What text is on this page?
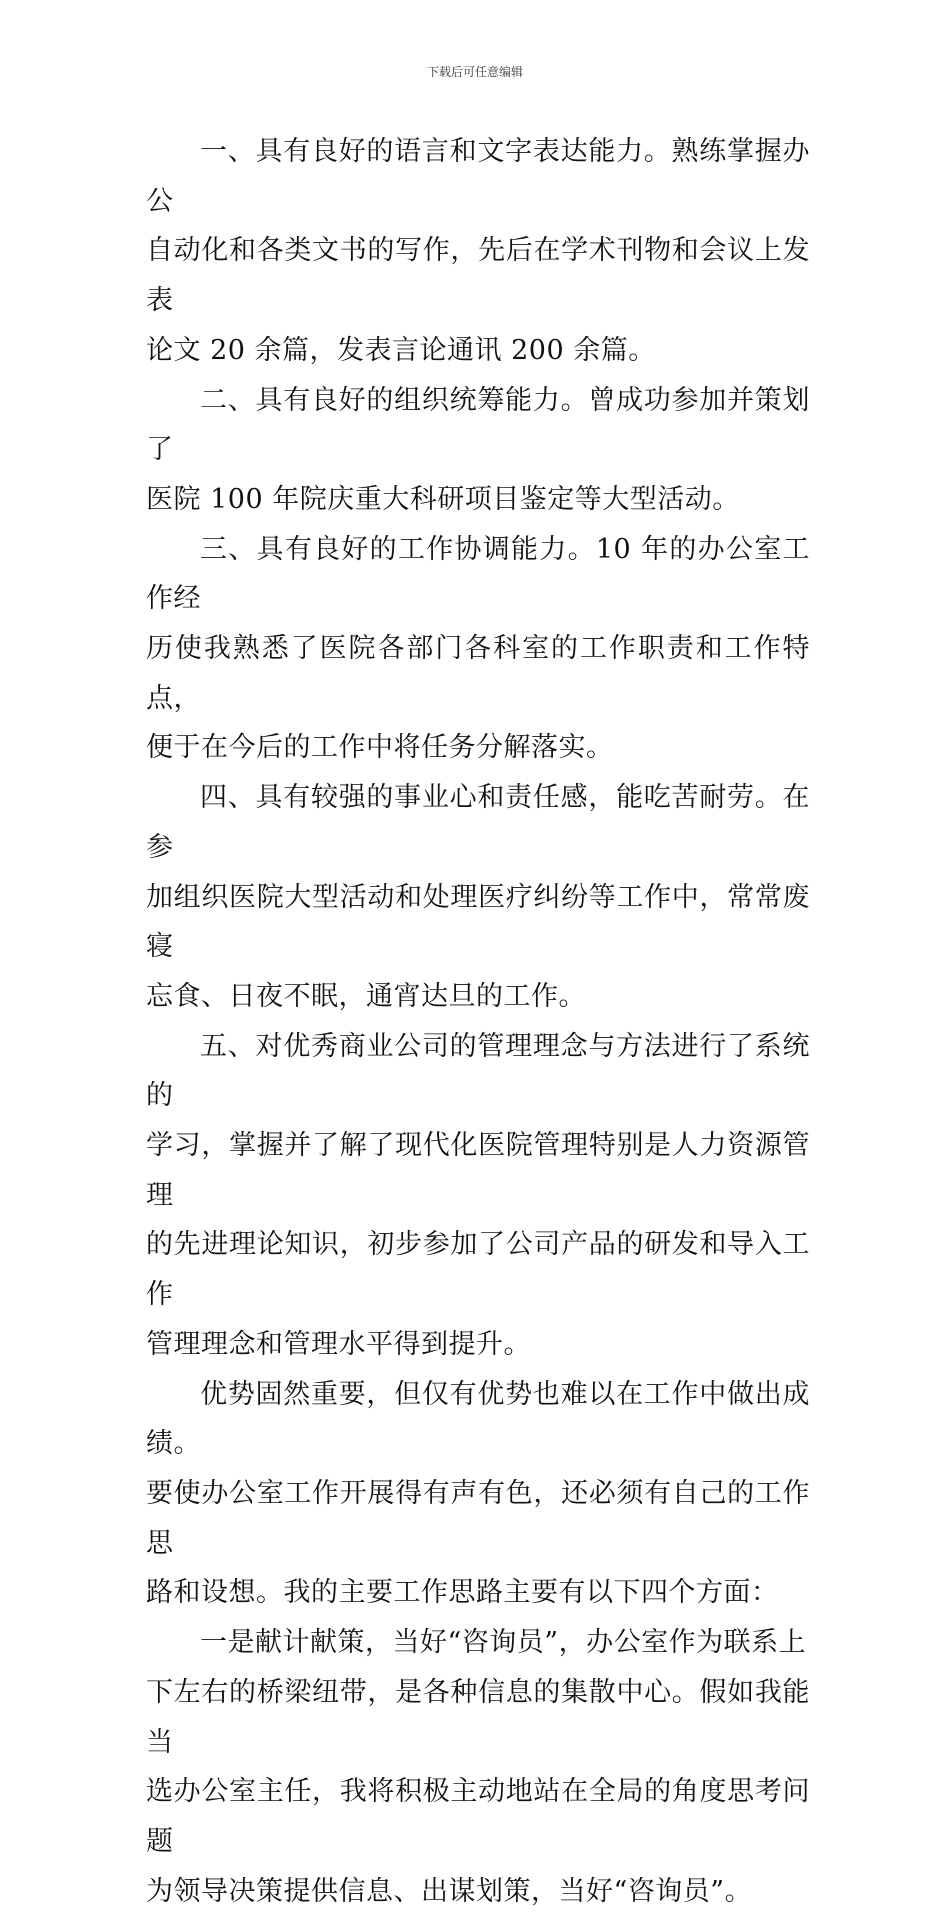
下载后可任意编辑

一、具有良好的语言和文字表达能力。熟练掌握办公
自动化和各类文书的写作，先后在学术刊物和会议上发表
论文 20 余篇，发表言论通讯 200 余篇。

二、具有良好的组织统筹能力。曾成功参加并策划了
医院 100 年院庆重大科研项目鉴定等大型活动。

三、具有良好的工作协调能力。10 年的办公室工作经
历使我熟悉了医院各部门各科室的工作职责和工作特点，
便于在今后的工作中将任务分解落实。

四、具有较强的事业心和责任感，能吃苦耐劳。在参
加组织医院大型活动和处理医疗纠纷等工作中，常常废寝
忘食、日夜不眠，通宵达旦的工作。

五、对优秀商业公司的管理理念与方法进行了系统的
学习，掌握并了解了现代化医院管理特别是人力资源管理
的先进理论知识，初步参加了公司产品的研发和导入工作
管理理念和管理水平得到提升。

优势固然重要，但仅有优势也难以在工作中做出成绩。
要使办公室工作开展得有声有色，还必须有自己的工作思
路和设想。我的主要工作思路主要有以下四个方面：

一是献计献策，当好“咨询员”，办公室作为联系上
下左右的桥梁纽带，是各种信息的集散中心。假如我能当
选办公室主任，我将积极主动地站在全局的角度思考问题
为领导决策提供信息、出谋划策，当好“咨询员”。
